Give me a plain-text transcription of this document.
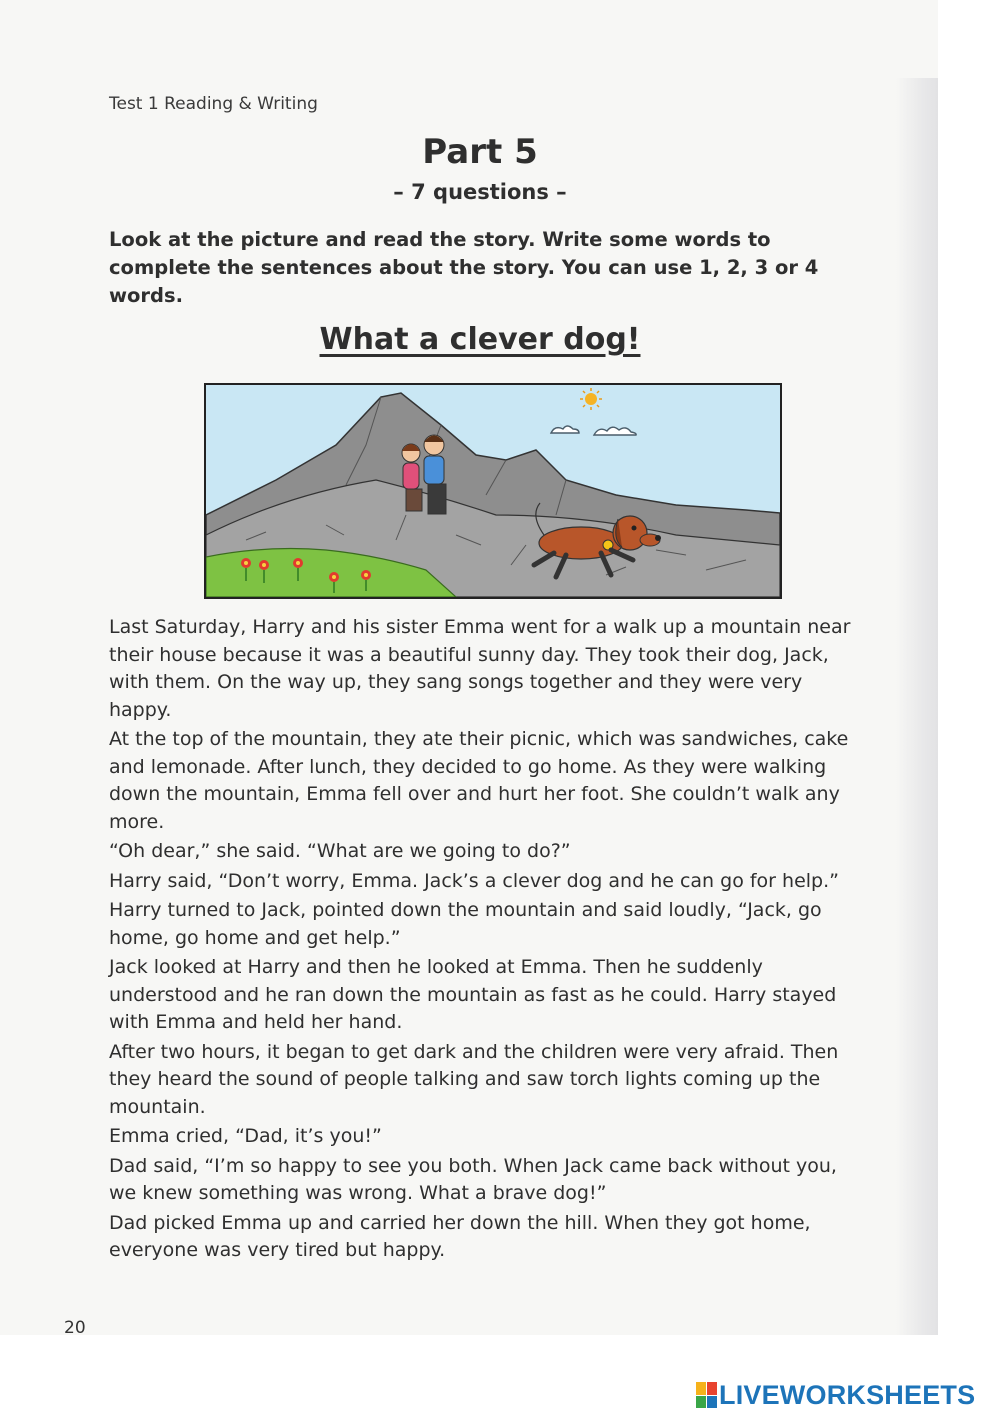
Test 1 Reading & Writing
Part 5
– 7 questions –
Look at the picture and read the story. Write some words to complete the sentences about the story. You can use 1, 2, 3 or 4 words.
What a clever dog!

Last Saturday, Harry and his sister Emma went for a walk up a mountain near their house because it was a beautiful sunny day. They took their dog, Jack, with them. On the way up, they sang songs together and they were very happy.

At the top of the mountain, they ate their picnic, which was sandwiches, cake and lemonade. After lunch, they decided to go home. As they were walking down the mountain, Emma fell over and hurt her foot. She couldn’t walk any more.

“Oh dear,” she said. “What are we going to do?”

Harry said, “Don’t worry, Emma. Jack’s a clever dog and he can go for help.”

Harry turned to Jack, pointed down the mountain and said loudly, “Jack, go home, go home and get help.”

Jack looked at Harry and then he looked at Emma. Then he suddenly understood and he ran down the mountain as fast as he could. Harry stayed with Emma and held her hand.

After two hours, it began to get dark and the children were very afraid. Then they heard the sound of people talking and saw torch lights coming up the mountain.

Emma cried, “Dad, it’s you!”

Dad said, “I’m so happy to see you both. When Jack came back without you, we knew something was wrong. What a brave dog!”

Dad picked Emma up and carried her down the hill. When they got home, everyone was very tired but happy.

20
LIVEWORKSHEETS
